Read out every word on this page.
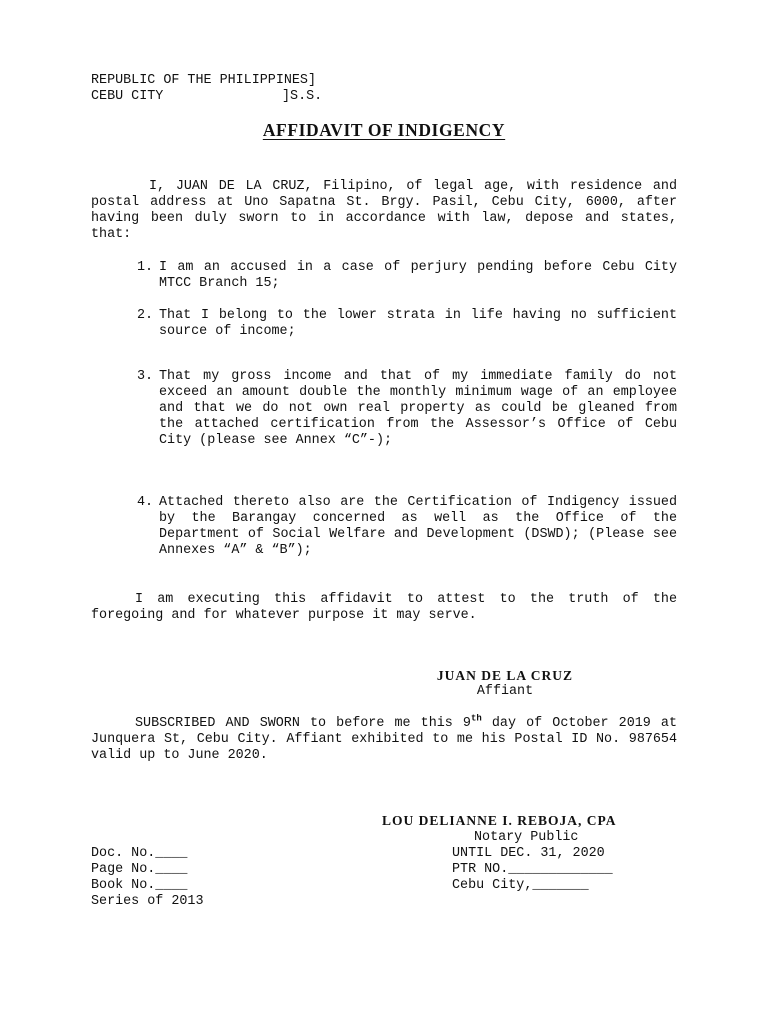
REPUBLIC OF THE PHILIPPINES]
CEBU CITY	]S.S.
AFFIDAVIT OF INDIGENCY
I, JUAN DE LA CRUZ, Filipino, of legal age, with residence and postal address at Uno Sapatna St. Brgy. Pasil, Cebu City, 6000, after having been duly sworn to in accordance with law, depose and states, that:
1. I am an accused in a case of perjury pending before Cebu City MTCC Branch 15;
2. That I belong to the lower strata in life having no sufficient source of income;
3. That my gross income and that of my immediate family do not exceed an amount double the monthly minimum wage of an employee and that we do not own real property as could be gleaned from the attached certification from the Assessor’s Office of Cebu City (please see Annex “C”-);
4. Attached thereto also are the Certification of Indigency issued by the Barangay concerned as well as the Office of the Department of Social Welfare and Development (DSWD); (Please see Annexes “A” & “B”);
I am executing this affidavit to attest to the truth of the foregoing and for whatever purpose it may serve.
JUAN DE LA CRUZ
Affiant
SUBSCRIBED AND SWORN to before me this 9th day of October 2019 at Junquera St, Cebu City. Affiant exhibited to me his Postal ID No. 987654 valid up to June 2020.
LOU DELIANNE I. REBOJA, CPA
Notary Public
UNTIL DEC. 31, 2020
PTR NO._____________
Cebu City,_______
Doc. No.____
Page No.____
Book No.____
Series of 2013
